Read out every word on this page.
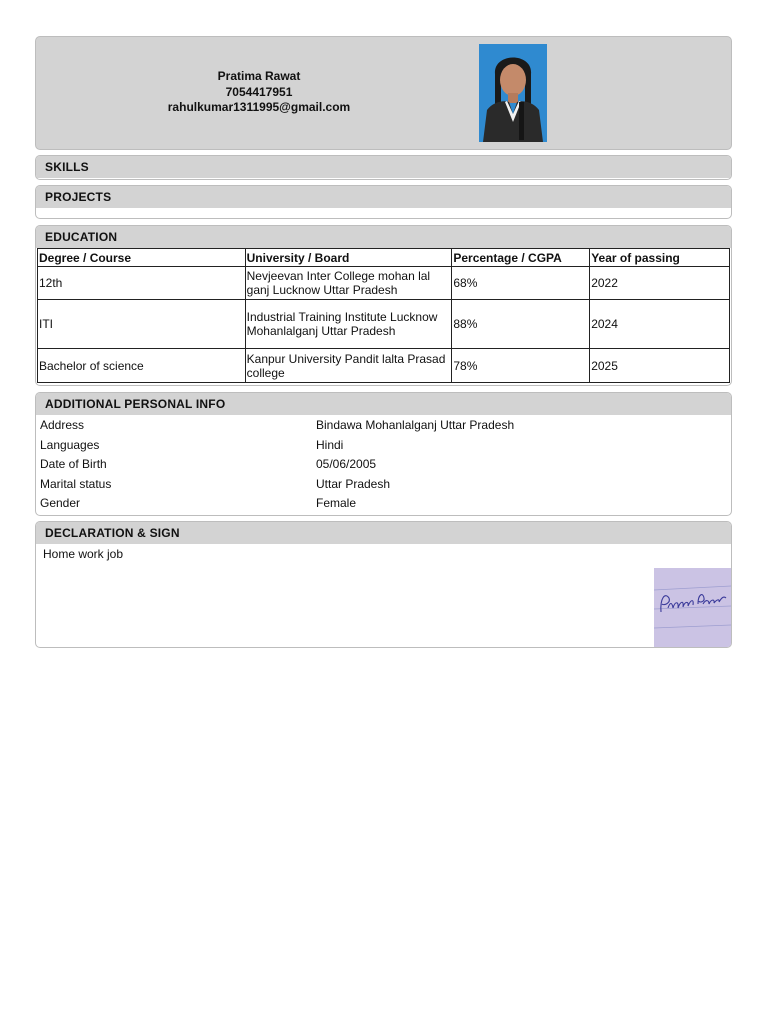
Pratima Rawat
7054417951
rahulkumar1311995@gmail.com
SKILLS
PROJECTS
EDUCATION
Degree / Course	University / Board	Percentage / CGPA	Year of passing
12th	Nevjeevan Inter College mohan lal ganj Lucknow Uttar Pradesh	68%	2022
ITI	Industrial Training Institute Lucknow Mohanlalganj Uttar Pradesh	88%	2024
Bachelor of science	Kanpur University Pandit lalta Prasad college	78%	2025
ADDITIONAL PERSONAL INFO
Address	Bindawa Mohanlalganj Uttar Pradesh
Languages	Hindi
Date of Birth	05/06/2005
Marital status	Uttar Pradesh
Gender	Female
DECLARATION & SIGN
Home work job
